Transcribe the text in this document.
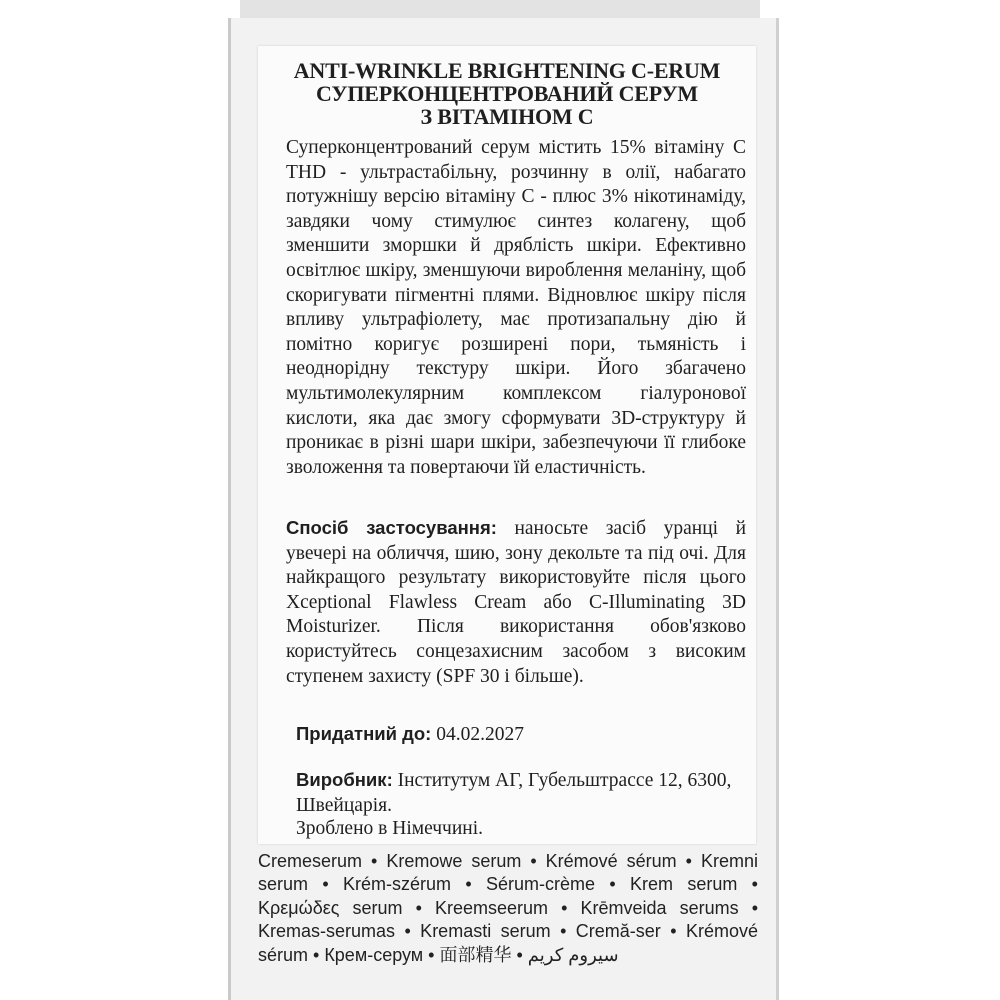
ANTI-WRINKLE BRIGHTENING C-ERUM
СУПЕРКОНЦЕНТРОВАНИЙ СЕРУМ
З ВІТАМІНОМ С
Суперконцентрований серум містить 15% вітаміну С THD - ультрастабільну, розчинну в олії, набагато потужнішу версію вітаміну С - плюс 3% нікотинаміду, завдяки чому стимулює синтез колагену, щоб зменшити зморшки й дряблість шкіри. Ефективно освітлює шкіру, зменшуючи вироблення меланіну, щоб скоригувати пігментні плями. Відновлює шкіру після впливу ультрафіолету, має протизапальну дію й помітно коригує розширені пори, тьмяність і неоднорідну текстуру шкіри. Його збагачено мультимолекулярним комплексом гіалуронової кислоти, яка дає змогу сформувати 3D-структуру й проникає в різні шари шкіри, забезпечуючи її глибоке зволоження та повертаючи їй еластичність.
Спосіб застосування: наносьте засіб уранці й увечері на обличчя, шию, зону декольте та під очі. Для найкращого результату використовуйте після цього Xceptional Flawless Cream або C-Illuminating 3D Moisturizer. Після використання обов'язково користуйтесь сонцезахисним засобом з високим ступенем захисту (SPF 30 і більше).
Придатний до: 04.02.2027
Виробник: Інститутум АГ, Губельштрассе 12, 6300, Швейцарія.
Зроблено в Німеччині.
Cremeserum • Kremowe serum • Krémové sérum • Kremni serum • Krém-szérum • Sérum-crème • Krem serum • Κρεμώδες serum • Kreemseerum • Krēmveida serums • Kremas-serumas • Kremasti serum • Cremă-ser • Krémové sérum • Крем-серум • 面部精华 • سيروم كريم
